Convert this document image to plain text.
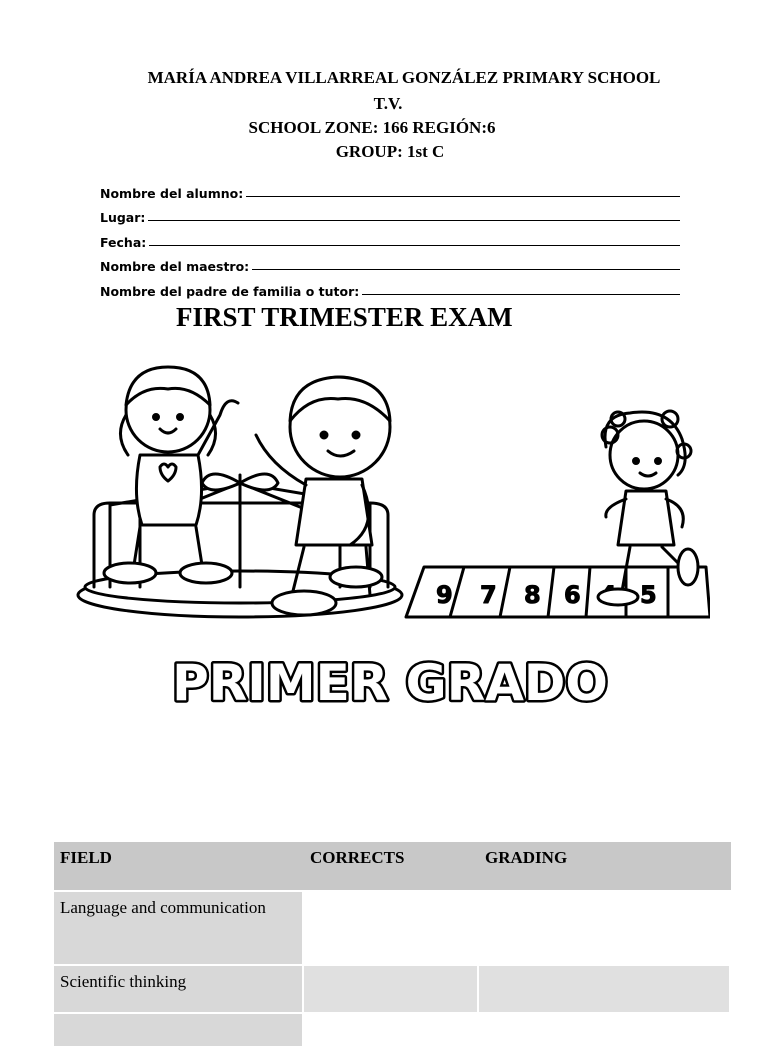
MARÍA ANDREA VILLARREAL GONZÁLEZ PRIMARY SCHOOL
T.V.
SCHOOL ZONE: 166 REGIÓN:6
GROUP: 1st C
Nombre del alumno:
Lugar:
Fecha:
Nombre del maestro:
Nombre del padre de familia o tutor:
FIRST TRIMESTER EXAM
9 7 8 6 5
PRIMER GRADO
FIELD	CORRECTS	GRADING
Language and communication		
Scientific thinking		
